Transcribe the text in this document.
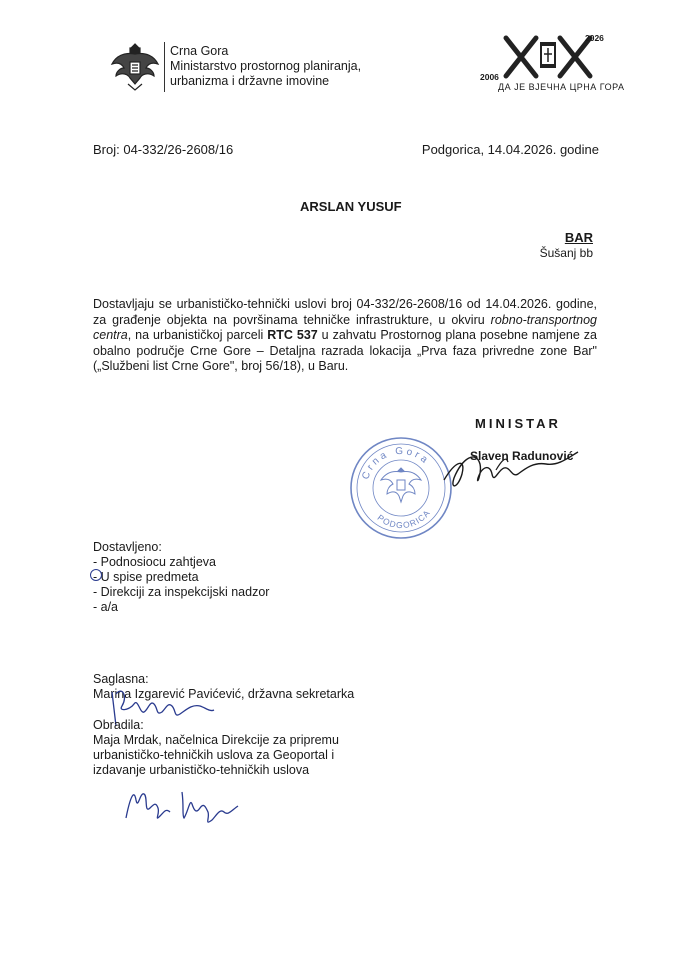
Crna Gora
Ministarstvo prostornog planiranja,
urbanizma i državne imovine	2006
2026
ДА ЈЕ ВЈЕЧНА ЦРНА ГОРА
Broj: 04-332/26-2608/16	Podgorica, 14.04.2026. godine
ARSLAN YUSUF
BAR
Šušanj bb
Dostavljaju se urbanističko-tehnički uslovi broj 04-332/26-2608/16 od 14.04.2026. godine, za građenje objekta na površinama tehničke infrastrukture, u okviru robno-transportnog centra, na urbanističkoj parceli RTC 537 u zahvatu Prostornog plana posebne namjene za obalno područje Crne Gore – Detaljna razrada lokacija „Prva faza privredne zone Bar" („Službeni list Crne Gore", broj 56/18), u Baru.
MINISTAR
Crna Gora
PODGORICA
Slaven Radunović
Dostavljeno:
- Podnosiocu zahtjeva
- U spise predmeta
- Direkciji za inspekcijski nadzor
- a/a
Saglasna:
Marina Izgarević Pavićević, državna sekretarka
Obradila:
Maja Mrdak, načelnica Direkcije za pripremu
urbanističko-tehničkih uslova za Geoportal i
izdavanje urbanističko-tehničkih uslova
